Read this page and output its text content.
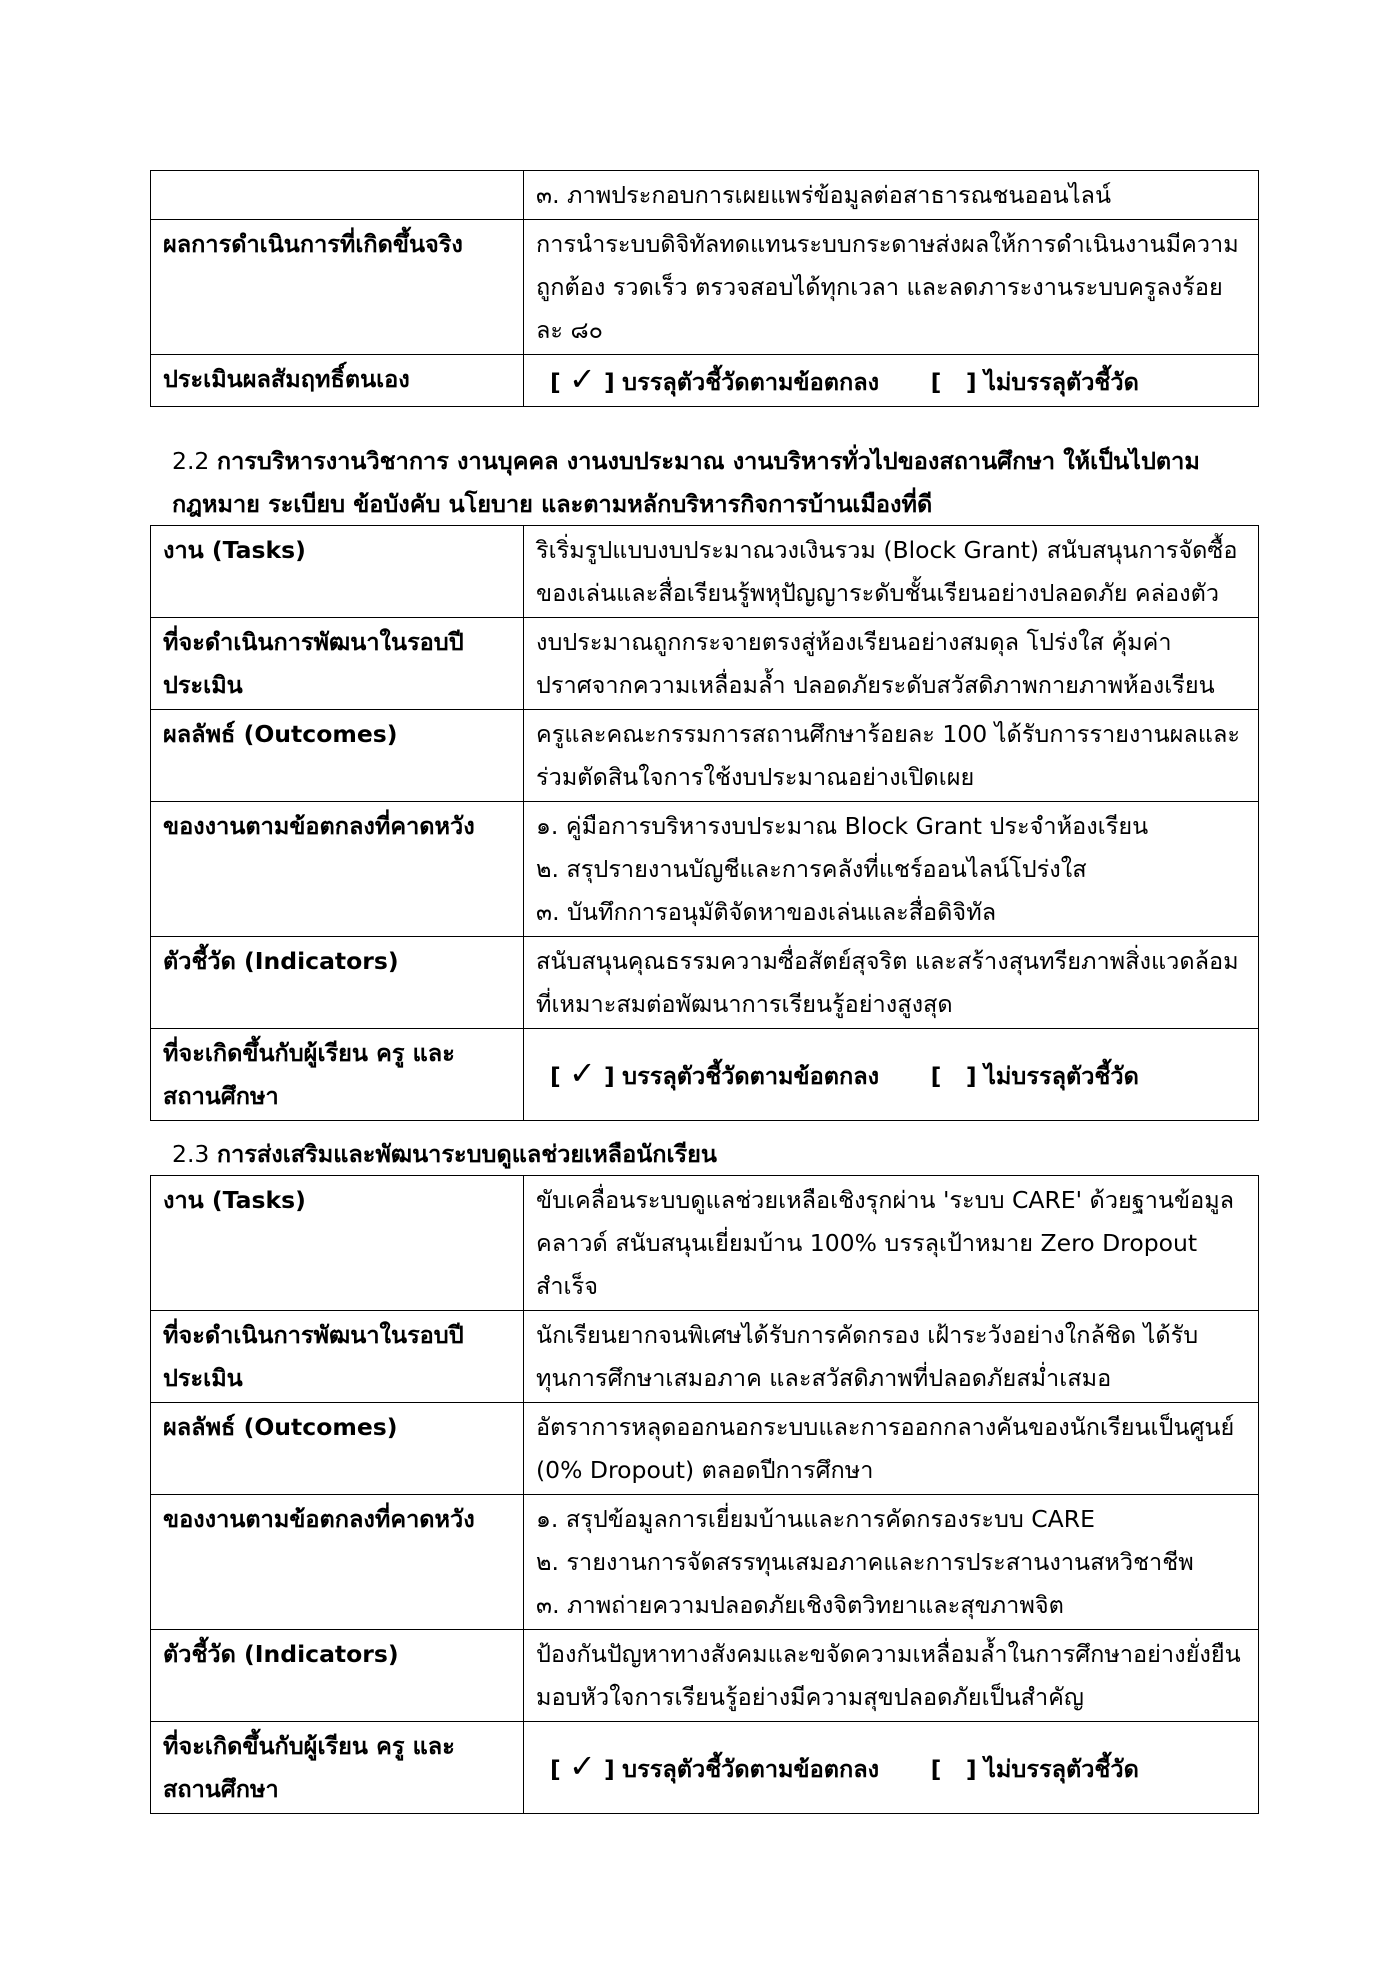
	๓. ภาพประกอบการเผยแพร่ข้อมูลต่อสาธารณชนออนไลน์

ผลการดำเนินการที่เกิดขึ้นจริง	การนำระบบดิจิทัลทดแทนระบบกระดาษส่งผลให้การดำเนินงานมีความ
ถูกต้อง รวดเร็ว ตรวจสอบได้ทุกเวลา และลดภาระงานระบบครูลงร้อย
ละ ๘๐

ประเมินผลสัมฤทธิ์ตนเอง	[ ✓ ] บรรลุตัวชี้วัดตามข้อตกลง [   ] ไม่บรรลุตัวชี้วัด
2.2 การบริหารงานวิชาการ งานบุคคล งานงบประมาณ งานบริหารทั่วไปของสถานศึกษา ให้เป็นไปตาม
กฎหมาย ระเบียบ ข้อบังคับ นโยบาย และตามหลักบริหารกิจการบ้านเมืองที่ดี
งาน (Tasks)	ริเริ่มรูปแบบงบประมาณวงเงินรวม (Block Grant) สนับสนุนการจัดซื้อ
ของเล่นและสื่อเรียนรู้พหุปัญญาระดับชั้นเรียนอย่างปลอดภัย คล่องตัว

ที่จะดำเนินการพัฒนาในรอบปี
ประเมิน	งบประมาณถูกกระจายตรงสู่ห้องเรียนอย่างสมดุล โปร่งใส คุ้มค่า
ปราศจากความเหลื่อมล้ำ ปลอดภัยระดับสวัสดิภาพกายภาพห้องเรียน

ผลลัพธ์ (Outcomes)	ครูและคณะกรรมการสถานศึกษาร้อยละ 100 ได้รับการรายงานผลและ
ร่วมตัดสินใจการใช้งบประมาณอย่างเปิดเผย

ของงานตามข้อตกลงที่คาดหวัง	๑. คู่มือการบริหารงบประมาณ Block Grant ประจำห้องเรียน
๒. สรุปรายงานบัญชีและการคลังที่แชร์ออนไลน์โปร่งใส
๓. บันทึกการอนุมัติจัดหาของเล่นและสื่อดิจิทัล

ตัวชี้วัด (Indicators)	สนับสนุนคุณธรรมความซื่อสัตย์สุจริต และสร้างสุนทรียภาพสิ่งแวดล้อม
ที่เหมาะสมต่อพัฒนาการเรียนรู้อย่างสูงสุด

ที่จะเกิดขึ้นกับผู้เรียน ครู และ
สถานศึกษา	[ ✓ ] บรรลุตัวชี้วัดตามข้อตกลง [   ] ไม่บรรลุตัวชี้วัด
2.3 การส่งเสริมและพัฒนาระบบดูแลช่วยเหลือนักเรียน
งาน (Tasks)	ขับเคลื่อนระบบดูแลช่วยเหลือเชิงรุกผ่าน 'ระบบ CARE' ด้วยฐานข้อมูล
คลาวด์ สนับสนุนเยี่ยมบ้าน 100% บรรลุเป้าหมาย Zero Dropout
สำเร็จ

ที่จะดำเนินการพัฒนาในรอบปี
ประเมิน	นักเรียนยากจนพิเศษได้รับการคัดกรอง เฝ้าระวังอย่างใกล้ชิด ได้รับ
ทุนการศึกษาเสมอภาค และสวัสดิภาพที่ปลอดภัยสม่ำเสมอ

ผลลัพธ์ (Outcomes)	อัตราการหลุดออกนอกระบบและการออกกลางคันของนักเรียนเป็นศูนย์
(0% Dropout) ตลอดปีการศึกษา

ของงานตามข้อตกลงที่คาดหวัง	๑. สรุปข้อมูลการเยี่ยมบ้านและการคัดกรองระบบ CARE
๒. รายงานการจัดสรรทุนเสมอภาคและการประสานงานสหวิชาชีพ
๓. ภาพถ่ายความปลอดภัยเชิงจิตวิทยาและสุขภาพจิต

ตัวชี้วัด (Indicators)	ป้องกันปัญหาทางสังคมและขจัดความเหลื่อมล้ำในการศึกษาอย่างยั่งยืน
มอบหัวใจการเรียนรู้อย่างมีความสุขปลอดภัยเป็นสำคัญ

ที่จะเกิดขึ้นกับผู้เรียน ครู และ
สถานศึกษา	[ ✓ ] บรรลุตัวชี้วัดตามข้อตกลง [   ] ไม่บรรลุตัวชี้วัด
